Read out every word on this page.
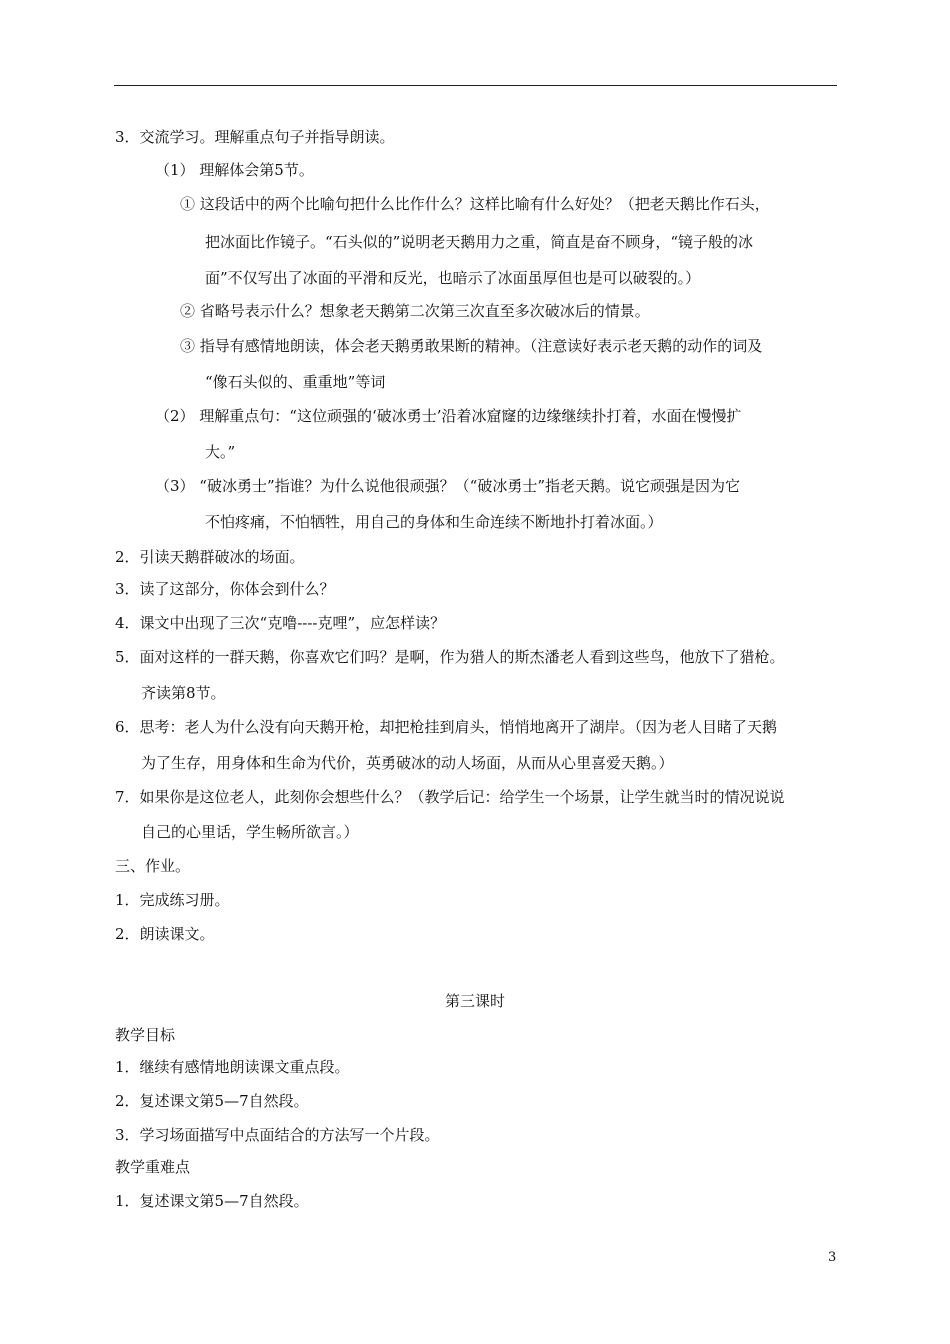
3．交流学习。理解重点句子并指导朗读。
（1） 理解体会第5节。
① 这段话中的两个比喻句把什么比作什么？这样比喻有什么好处？（把老天鹅比作石头，
把冰面比作镜子。“石头似的”说明老天鹅用力之重，简直是奋不顾身，“镜子般的冰
面”不仅写出了冰面的平滑和反光，也暗示了冰面虽厚但也是可以破裂的。）
② 省略号表示什么？想象老天鹅第二次第三次直至多次破冰后的情景。
③ 指导有感情地朗读，体会老天鹅勇敢果断的精神。（注意读好表示老天鹅的动作的词及
“像石头似的、重重地”等词
（2） 理解重点句：“这位顽强的‘破冰勇士’沿着冰窟窿的边缘继续扑打着，水面在慢慢扩
大。”
（3） “破冰勇士”指谁？为什么说他很顽强？（“破冰勇士”指老天鹅。说它顽强是因为它
不怕疼痛，不怕牺牲，用自己的身体和生命连续不断地扑打着冰面。）
2．引读天鹅群破冰的场面。
3．读了这部分，你体会到什么？
4．课文中出现了三次“克噜----克哩”，应怎样读？
5．面对这样的一群天鹅，你喜欢它们吗？是啊，作为猎人的斯杰潘老人看到这些鸟，他放下了猎枪。
齐读第8节。
6．思考：老人为什么没有向天鹅开枪，却把枪挂到肩头，悄悄地离开了湖岸。（因为老人目睹了天鹅
为了生存，用身体和生命为代价，英勇破冰的动人场面，从而从心里喜爱天鹅。）
7．如果你是这位老人，此刻你会想些什么？（教学后记：给学生一个场景，让学生就当时的情况说说
自己的心里话，学生畅所欲言。）
三、作业。
1．完成练习册。
2．朗读课文。
第三课时
教学目标
1．继续有感情地朗读课文重点段。
2．复述课文第5—7自然段。
3．学习场面描写中点面结合的方法写一个片段。
教学重难点
1．复述课文第5—7自然段。
3
